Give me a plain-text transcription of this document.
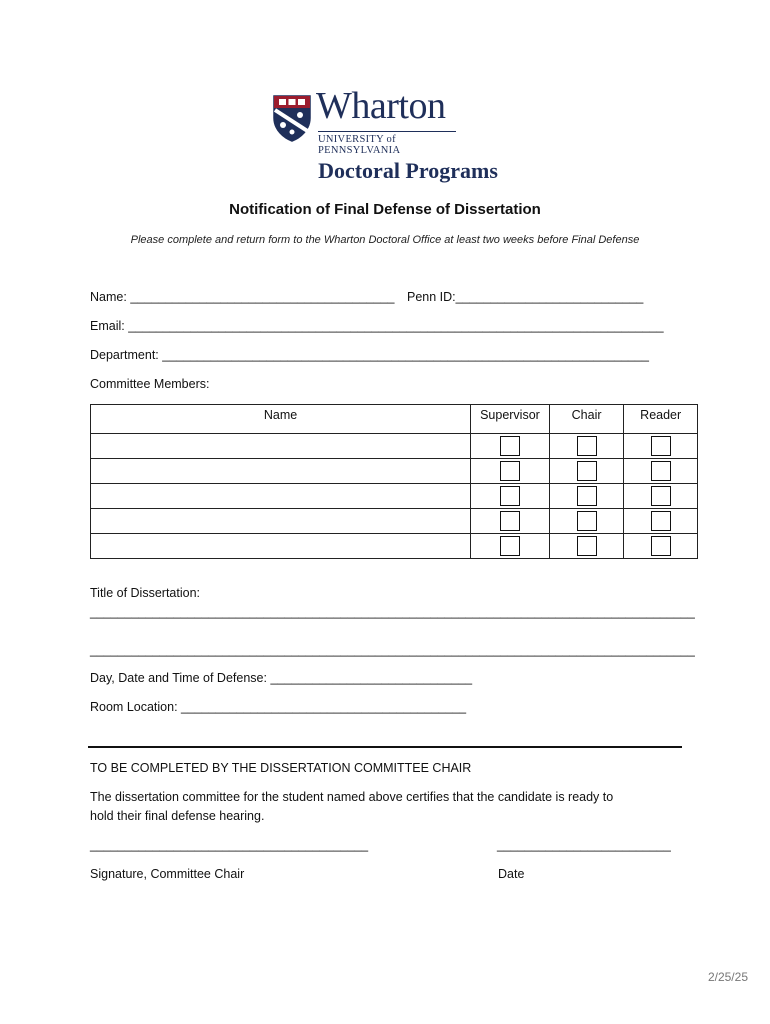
Wharton
UNIVERSITY of PENNSYLVANIA
Doctoral Programs
Notification of Final Defense of Dissertation
Please complete and return form to the Wharton Doctoral Office at least two weeks before Final Defense
Name: ______________________________________ Penn ID:___________________________
Email: _____________________________________________________________________________
Department: ______________________________________________________________________
Committee Members:
Name	Supervisor	Chair	Reader

Title of Dissertation:
_______________________________________________________________________________________
_______________________________________________________________________________________
Day, Date and Time of Defense: _____________________________
Room Location: _________________________________________
TO BE COMPLETED BY THE DISSERTATION COMMITTEE CHAIR
The dissertation committee for the student named above certifies that the candidate is ready to
hold their final defense hearing.
________________________________________	_________________________
Signature, Committee Chair	Date
2/25/25
